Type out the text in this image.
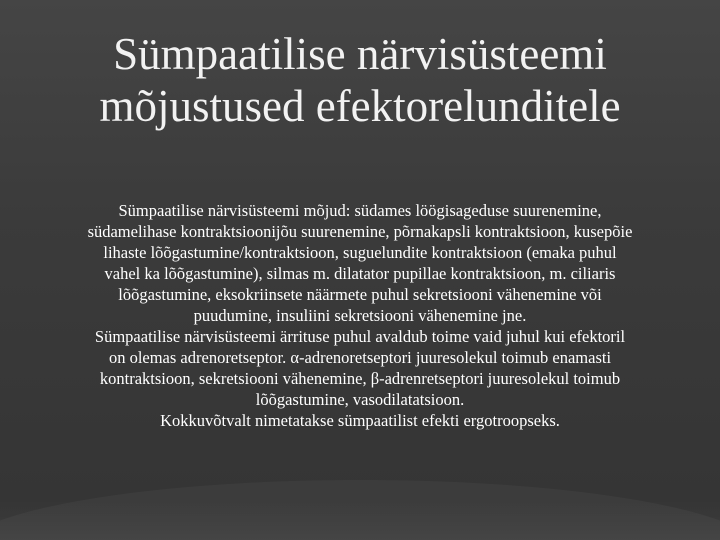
Sümpaatilise närvisüsteemi
mõjustused efektorelunditele

Sümpaatilise närvisüsteemi mõjud: südames löögisageduse suurenemine,
südamelihase kontraktsioonijõu suurenemine, põrnakapsli kontraktsioon, kusepõie
lihaste lõõgastumine/kontraktsioon, suguelundite kontraktsioon (emaka puhul
vahel ka lõõgastumine), silmas m. dilatator pupillae kontraktsioon, m. ciliaris
lõõgastumine, eksokriinsete näärmete puhul sekretsiooni vähenemine või
puudumine, insuliini sekretsiooni vähenemine jne.

Sümpaatilise närvisüsteemi ärrituse puhul avaldub toime vaid juhul kui efektoril
on olemas adrenoretseptor. α-adrenoretseptori juuresolekul toimub enamasti
kontraktsioon, sekretsiooni vähenemine, β-adrenretseptori juuresolekul toimub
lõõgastumine, vasodilatatsioon.

Kokkuvõtvalt nimetatakse sümpaatilist efekti ergotroopseks.
